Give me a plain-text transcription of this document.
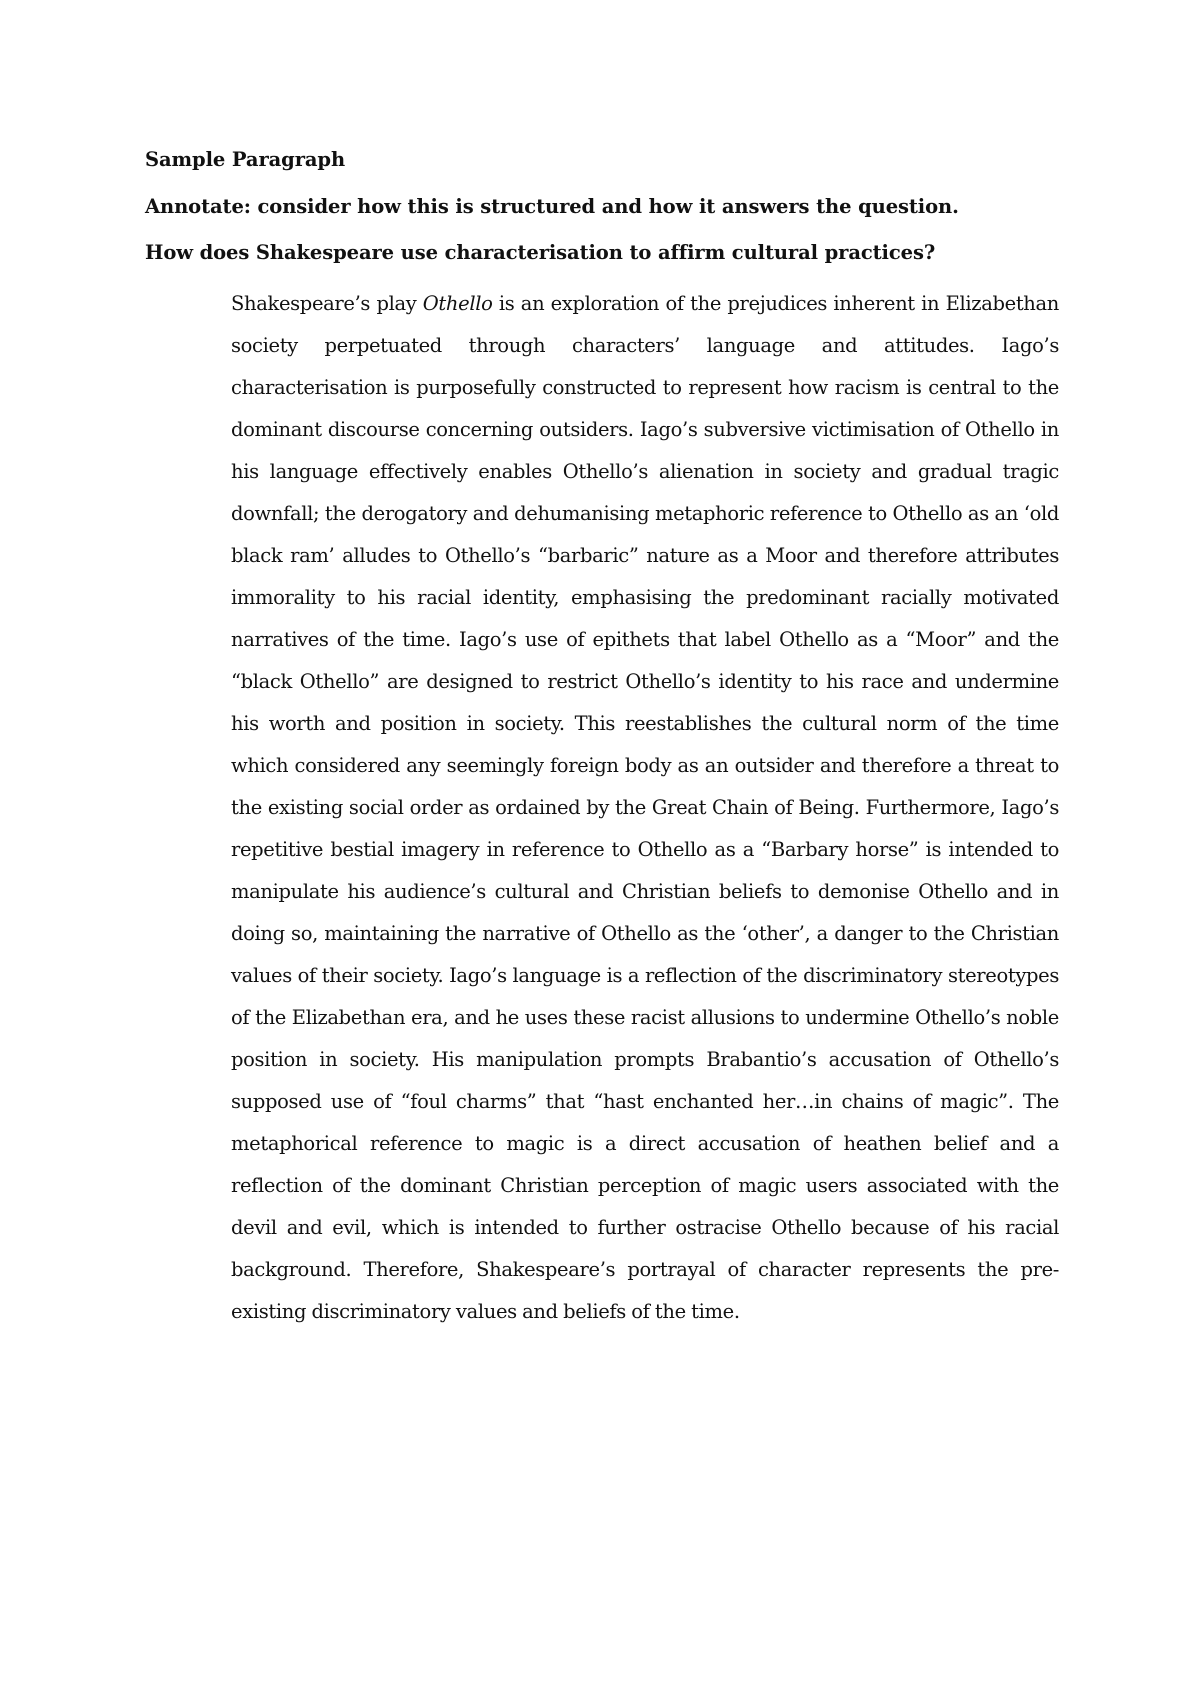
Sample Paragraph
Annotate: consider how this is structured and how it answers the question.
How does Shakespeare use characterisation to affirm cultural practices?

Shakespeare’s play Othello is an exploration of the prejudices inherent in Elizabethan society perpetuated through characters’ language and attitudes. Iago’s characterisation is purposefully constructed to represent how racism is central to the dominant discourse concerning outsiders. Iago’s subversive victimisation of Othello in his language effectively enables Othello’s alienation in society and gradual tragic downfall; the derogatory and dehumanising metaphoric reference to Othello as an ‘old black ram’ alludes to Othello’s “barbaric” nature as a Moor and therefore attributes immorality to his racial identity, emphasising the predominant racially motivated narratives of the time. Iago’s use of epithets that label Othello as a “Moor” and the “black Othello” are designed to restrict Othello’s identity to his race and undermine his worth and position in society. This reestablishes the cultural norm of the time which considered any seemingly foreign body as an outsider and therefore a threat to the existing social order as ordained by the Great Chain of Being. Furthermore, Iago’s repetitive bestial imagery in reference to Othello as a “Barbary horse” is intended to manipulate his audience’s cultural and Christian beliefs to demonise Othello and in doing so, maintaining the narrative of Othello as the ‘other’, a danger to the Christian values of their society. Iago’s language is a reflection of the discriminatory stereotypes of the Elizabethan era, and he uses these racist allusions to undermine Othello’s noble position in society. His manipulation prompts Brabantio’s accusation of Othello’s supposed use of “foul charms” that “hast enchanted her…in chains of magic”. The metaphorical reference to magic is a direct accusation of heathen belief and a reflection of the dominant Christian perception of magic users associated with the devil and evil, which is intended to further ostracise Othello because of his racial background. Therefore, Shakespeare’s portrayal of character represents the pre-existing discriminatory values and beliefs of the time.
